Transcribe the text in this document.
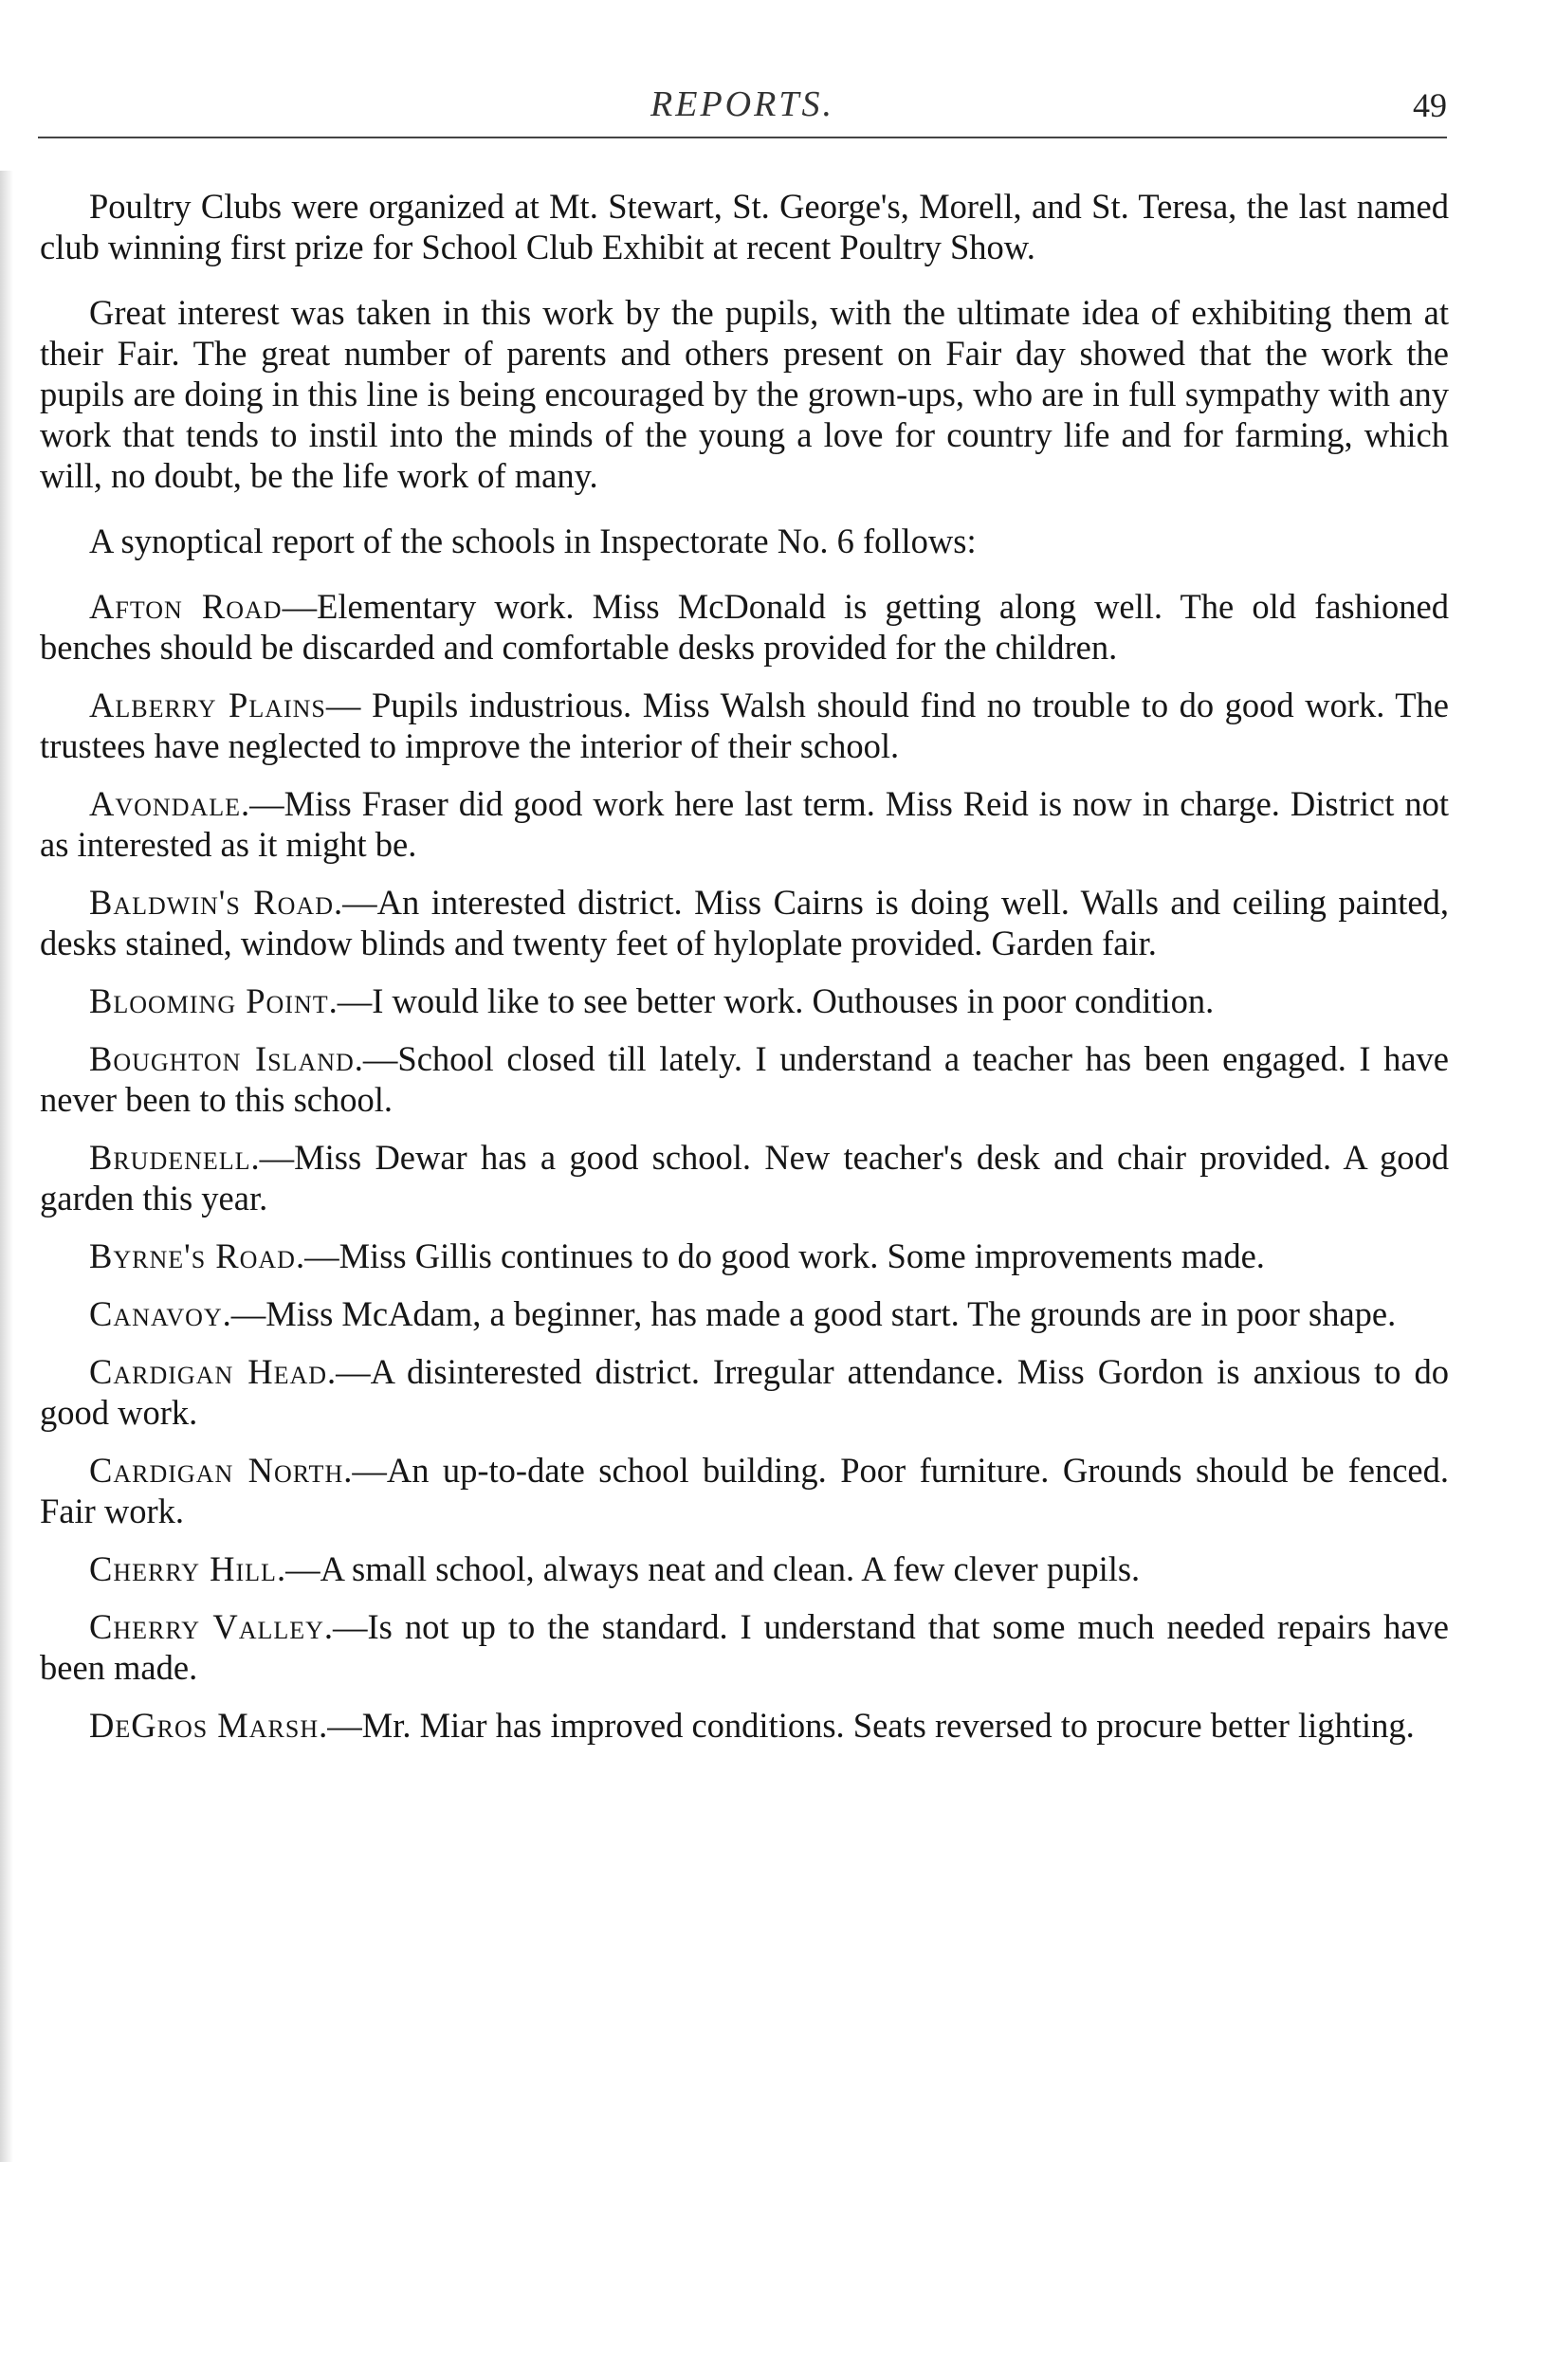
REPORTS.	49

Poultry Clubs were organized at Mt. Stewart, St. George's, Morell, and St. Teresa, the last named club winning first prize for School Club Exhibit at recent Poultry Show.

Great interest was taken in this work by the pupils, with the ultimate idea of exhibiting them at their Fair. The great number of parents and others present on Fair day showed that the work the pupils are doing in this line is being encouraged by the grown-ups, who are in full sympathy with any work that tends to instil into the minds of the young a love for country life and for farming, which will, no doubt, be the life work of many.

A synoptical report of the schools in Inspectorate No. 6 follows:

Afton Road—Elementary work. Miss McDonald is getting along well. The old fashioned benches should be discarded and comfortable desks provided for the children.

Alberry Plains— Pupils industrious. Miss Walsh should find no trouble to do good work. The trustees have neglected to improve the interior of their school.

Avondale.—Miss Fraser did good work here last term. Miss Reid is now in charge. District not as interested as it might be.

Baldwin's Road.—An interested district. Miss Cairns is doing well. Walls and ceiling painted, desks stained, window blinds and twenty feet of hyloplate provided. Garden fair.

Blooming Point.—I would like to see better work. Outhouses in poor condition.

Boughton Island.—School closed till lately. I understand a teacher has been engaged. I have never been to this school.

Brudenell.—Miss Dewar has a good school. New teacher's desk and chair provided. A good garden this year.

Byrne's Road.—Miss Gillis continues to do good work. Some improvements made.

Canavoy.—Miss McAdam, a beginner, has made a good start. The grounds are in poor shape.

Cardigan Head.—A disinterested district. Irregular attendance. Miss Gordon is anxious to do good work.

Cardigan North.—An up-to-date school building. Poor furniture. Grounds should be fenced. Fair work.

Cherry Hill.—A small school, always neat and clean. A few clever pupils.

Cherry Valley.—Is not up to the standard. I understand that some much needed repairs have been made.

DeGros Marsh.—Mr. Miar has improved conditions. Seats reversed to procure better lighting.
